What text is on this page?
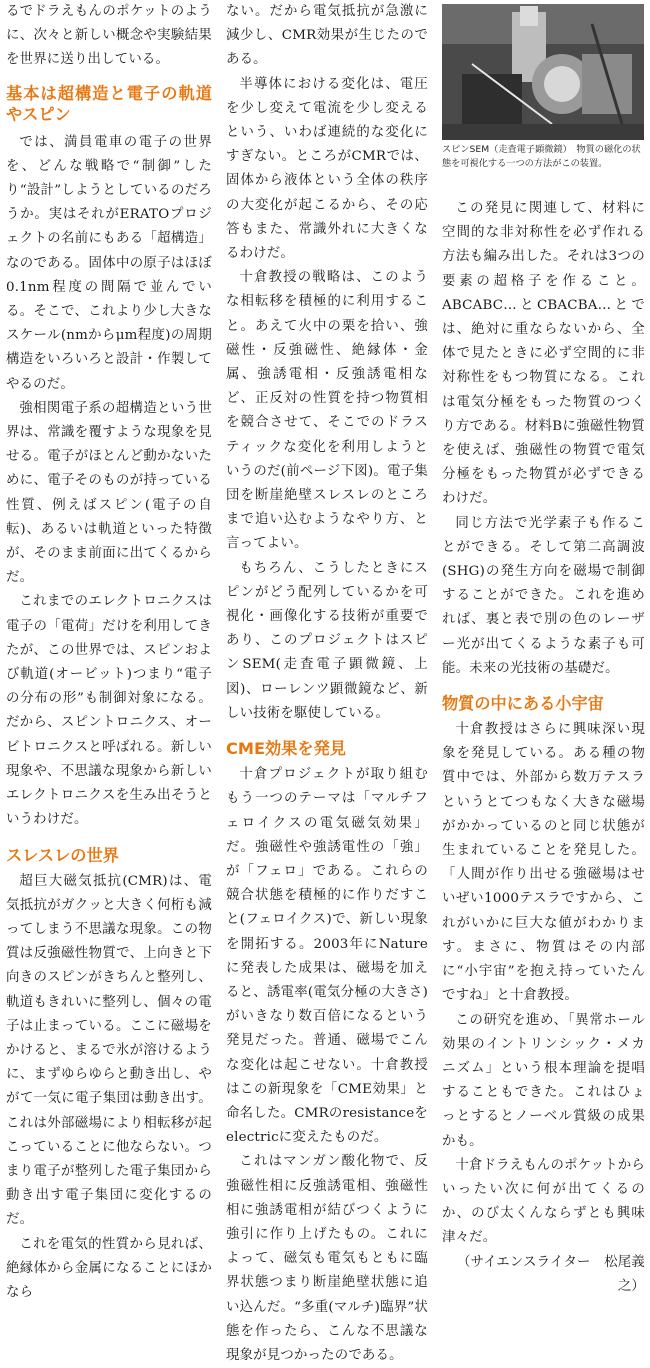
るでドラえもんのポケットのように、次々と新しい概念や実験結果を世界に送り出している。

基本は超構造と電子の軌道やスピン

では、満員電車の電子の世界を、どんな戦略で“制御”したり“設計”しようとしているのだろうか。実はそれがERATOプロジェクトの名前にもある「超構造」なのである。固体中の原子はほぼ0.1nm程度の間隔で並んでいる。そこで、これより少し大きなスケール(nmからμm程度)の周期構造をいろいろと設計・作製してやるのだ。

強相関電子系の超構造という世界は、常識を覆すような現象を見せる。電子がほとんど動かないために、電子そのものが持っている性質、例えばスピン(電子の自転)、あるいは軌道といった特徴が、そのまま前面に出てくるからだ。

これまでのエレクトロニクスは電子の「電荷」だけを利用してきたが、この世界では、スピンおよび軌道(オービット)つまり“電子の分布の形”も制御対象になる。だから、スピントロニクス、オービトロニクスと呼ばれる。新しい現象や、不思議な現象から新しいエレクトロニクスを生み出そうというわけだ。

スレスレの世界

超巨大磁気抵抗(CMR)は、電気抵抗がガクッと大きく何桁も減ってしまう不思議な現象。この物質は反強磁性物質で、上向きと下向きのスピンがきちんと整列し、軌道もきれいに整列し、個々の電子は止まっている。ここに磁場をかけると、まるで氷が溶けるように、まずゆらゆらと動き出し、やがて一気に電子集団は動き出す。これは外部磁場により相転移が起こっていることに他ならない。つまり電子が整列した電子集団から動き出す電子集団に変化するのだ。

これを電気的性質から見れば、絶縁体から金属になることにほかなら

ない。だから電気抵抗が急激に減少し、CMR効果が生じたのである。

半導体における変化は、電圧を少し変えて電流を少し変えるという、いわば連続的な変化にすぎない。ところがCMRでは、固体から液体という全体の秩序の大変化が起こるから、その応答もまた、常識外れに大きくなるわけだ。

十倉教授の戦略は、このような相転移を積極的に利用すること。あえて火中の栗を拾い、強磁性・反強磁性、絶縁体・金属、強誘電相・反強誘電相など、正反対の性質を持つ物質相を競合させて、そこでのドラスティックな変化を利用しようというのだ(前ページ下図)。電子集団を断崖絶壁スレスレのところまで追い込むようなやり方、と言ってよい。

もちろん、こうしたときにスピンがどう配列しているかを可視化・画像化する技術が重要であり、このプロジェクトはスピンSEM(走査電子顕微鏡、上図)、ローレンツ顕微鏡など、新しい技術を駆使している。

CME効果を発見

十倉プロジェクトが取り組むもう一つのテーマは「マルチフェロイクスの電気磁気効果」だ。強磁性や強誘電性の「強」が「フェロ」である。これらの競合状態を積極的に作りだすこと(フェロイクス)で、新しい現象を開拓する。2003年にNatureに発表した成果は、磁場を加えると、誘電率(電気分極の大きさ)がいきなり数百倍になるという発見だった。普通、磁場でこんな変化は起こせない。十倉教授はこの新現象を「CME効果」と命名した。CMRのresistanceをelectricに変えたものだ。

これはマンガン酸化物で、反強磁性相に反強誘電相、強磁性相に強誘電相が結びつくように強引に作り上げたもの。これによって、磁気も電気もともに臨界状態つまり断崖絶壁状態に追い込んだ。“多重(マルチ)臨界”状態を作ったら、こんな不思議な現象が見つかったのである。

スピンSEM（走査電子顕微鏡）　物質の磁化の状態を可視化する一つの方法がこの装置。

この発見に関連して、材料に空間的な非対称性を必ず作れる方法も編み出した。それは3つの要素の超格子を作ること。ABCABC…とCBACBA…とでは、絶対に重ならないから、全体で見たときに必ず空間的に非対称性をもつ物質になる。これは電気分極をもった物質のつくり方である。材料Bに強磁性物質を使えば、強磁性の物質で電気分極をもった物質が必ずできるわけだ。

同じ方法で光学素子も作ることができる。そして第二高調波(SHG)の発生方向を磁場で制御することができた。これを進めれば、裏と表で別の色のレーザー光が出てくるような素子も可能。未来の光技術の基礎だ。

物質の中にある小宇宙

十倉教授はさらに興味深い現象を発見している。ある種の物質中では、外部から数万テスラというとてつもなく大きな磁場がかかっているのと同じ状態が生まれていることを発見した。「人間が作り出せる強磁場はせいぜい1000テスラですから、これがいかに巨大な値がわかります。まさに、物質はその内部に“小宇宙”を抱え持っていたんですね」と十倉教授。

この研究を進め、「異常ホール効果のイントリンシック・メカニズム」という根本理論を提唱することもできた。これはひょっとするとノーベル賞級の成果かも。

十倉ドラえもんのポケットからいったい次に何が出てくるのか、のび太くんならずとも興味津々だ。

（サイエンスライター　松尾義之）
